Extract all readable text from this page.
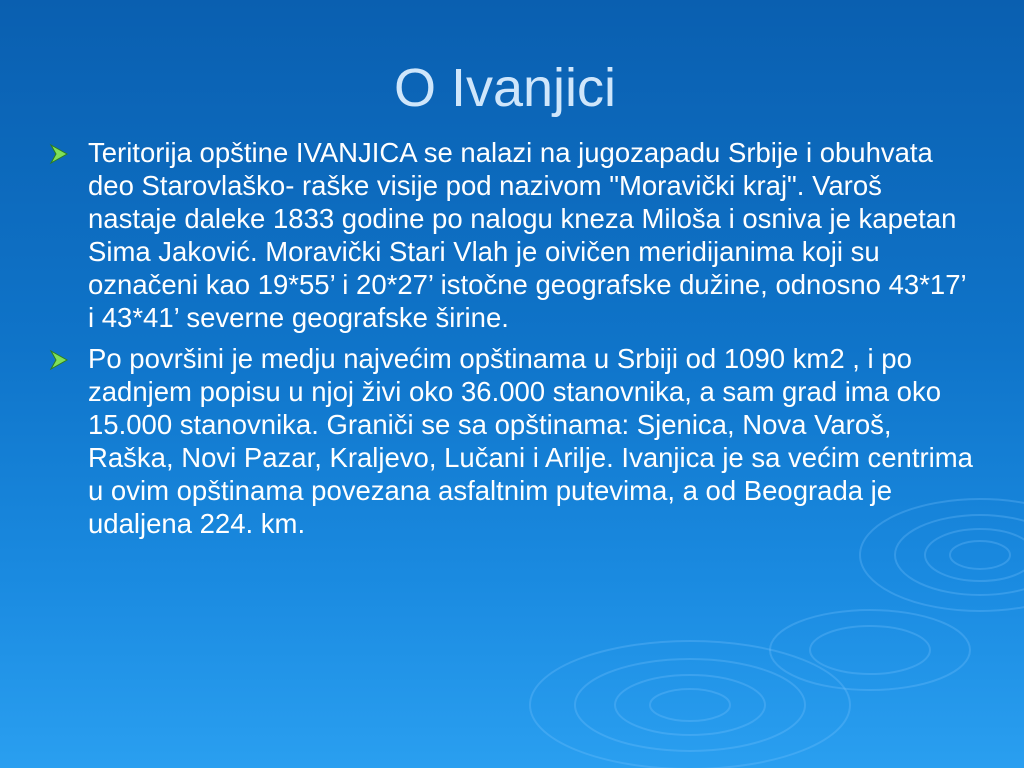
O Ivanjici
Teritorija opštine IVANJICA se nalazi na jugozapadu Srbije i obuhvata deo Starovlaško- raške visije pod nazivom "Moravički kraj". Varoš nastaje daleke 1833 godine po nalogu kneza Miloša i osniva je kapetan Sima Jaković. Moravički Stari Vlah je oivičen meridijanima koji su označeni kao 19*55’ i 20*27’ istočne geografske dužine, odnosno 43*17’ i 43*41’ severne geografske širine.
Po površini je medju najvećim opštinama u Srbiji od 1090 km2 , i po zadnjem popisu u njoj živi oko 36.000 stanovnika, a sam grad ima oko 15.000 stanovnika. Graniči se sa opštinama: Sjenica, Nova Varoš, Raška, Novi Pazar, Kraljevo, Lučani i Arilje. Ivanjica je sa većim centrima u ovim opštinama povezana asfaltnim putevima, a od Beograda je udaljena 224. km.
